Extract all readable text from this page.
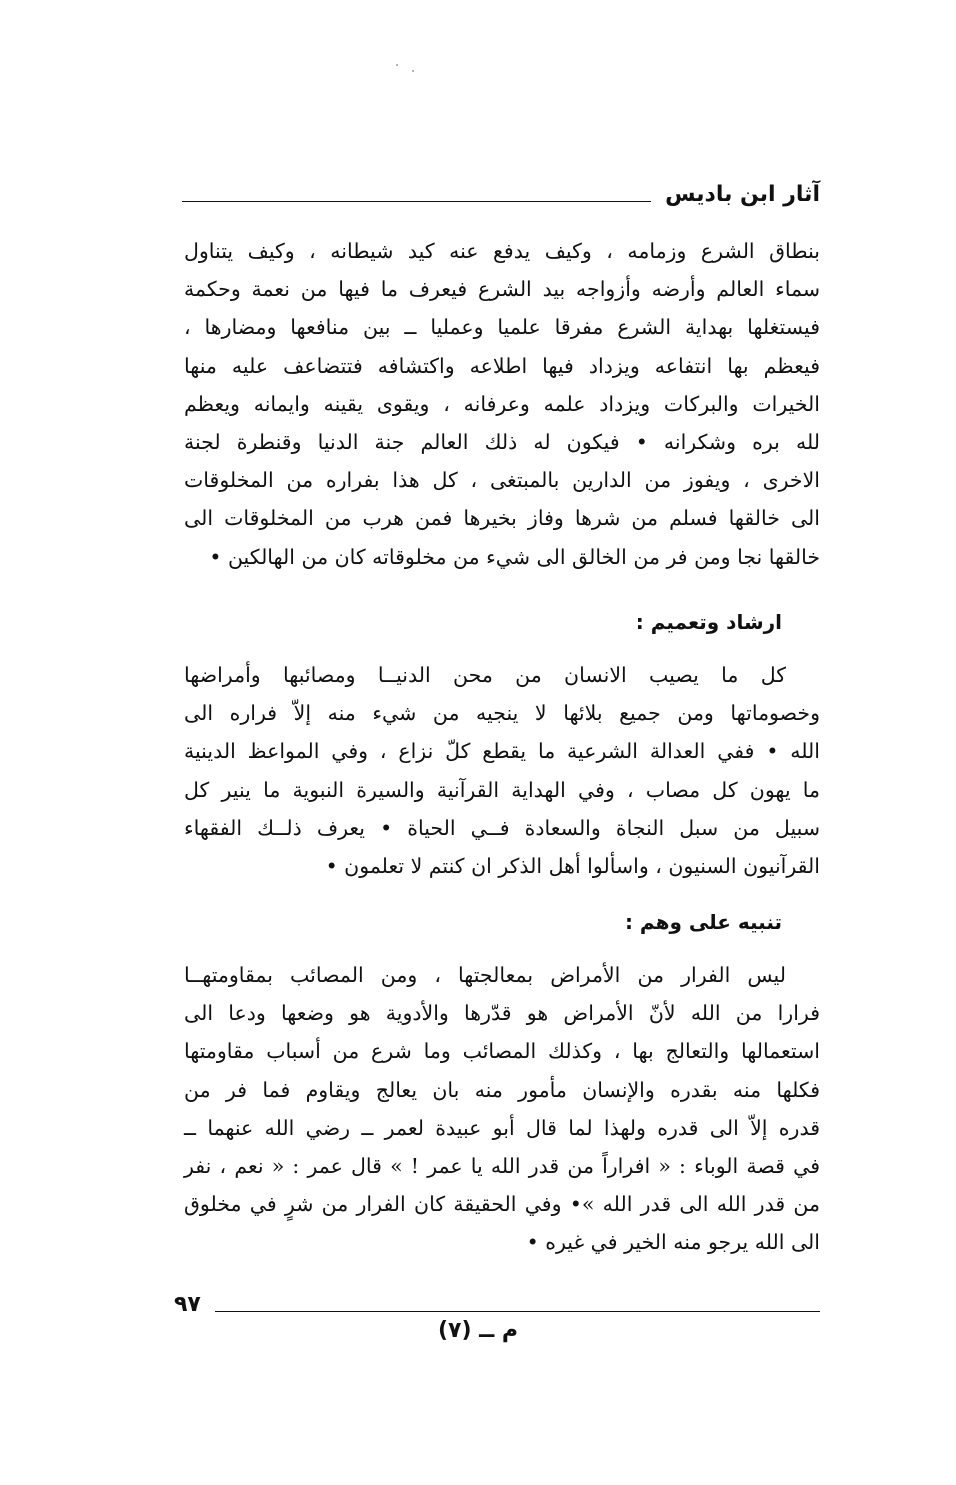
آثار ابن باديس
بنطاق الشرع وزمامه ، وكيف يدفع عنه كيد شيطانه ، وكيف يتناول
سماء العالم وأرضه وأزواجه بيد الشرع فيعرف ما فيها من نعمة وحكمة
فيستغلها بهداية الشرع مفرقا علميا وعمليا ــ بين منافعها ومضارها ،
فيعظم بها انتفاعه ويزداد فيها اطلاعه واكتشافه فتتضاعف عليه منها
الخيرات والبركات ويزداد علمه وعرفانه ، ويقوى يقينه وايمانه ويعظم
لله بره وشكرانه • فيكون له ذلك العالم جنة الدنيا وقنطرة لجنة
الاخرى ، ويفوز من الدارين بالمبتغى ، كل هذا بفراره من المخلوقات
الى خالقها فسلم من شرها وفاز بخيرها فمن هرب من المخلوقات الى
خالقها نجا ومن فر من الخالق الى شيء من مخلوقاته كان من الهالكين •
ارشاد وتعميم :
كل ما يصيب الانسان من محن الدنيــا ومصائبها وأمراضها
وخصوماتها ومن جميع بلائها لا ينجيه من شيء منه إلاّ فراره الى
الله • ففي العدالة الشرعية ما يقطع كلّ نزاع ، وفي المواعظ الدينية
ما يهون كل مصاب ، وفي الهداية القرآنية والسيرة النبوية ما ينير كل
سبيل من سبل النجاة والسعادة فــي الحياة • يعرف ذلــك الفقهاء
القرآنيون السنيون ، واسألوا أهل الذكر ان كنتم لا تعلمون •
تنبيه على وهم :
ليس الفرار من الأمراض بمعالجتها ، ومن المصائب بمقاومتهــا
فرارا من الله لأنّ الأمراض هو قدّرها والأدوية هو وضعها ودعا الى
استعمالها والتعالج بها ، وكذلك المصائب وما شرع من أسباب مقاومتها
فكلها منه بقدره والإنسان مأمور منه بان يعالج ويقاوم فما فر من
قدره إلاّ الى قدره ولهذا لما قال أبو عبيدة لعمر ــ رضي الله عنهما ــ
في قصة الوباء : « افراراً من قدر الله يا عمر ! » قال عمر : « نعم ، نفر
من قدر الله الى قدر الله »• وفي الحقيقة كان الفرار من شرٍ في مخلوق
الى الله يرجو منه الخير في غيره •
٩٧
م ــ (٧)
